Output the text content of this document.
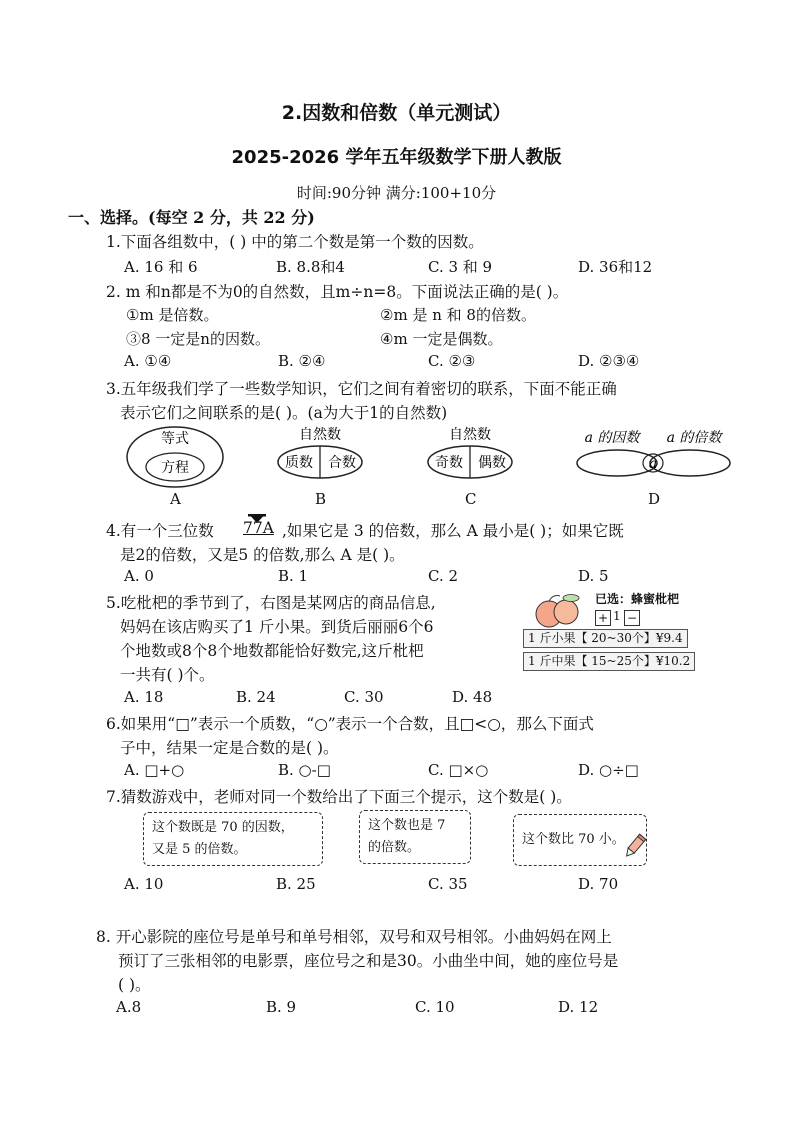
2.因数和倍数（单元测试）
2025-2026 学年五年级数学下册人教版
时间:90分钟 满分:100+10分
一、选择。(每空 2 分，共 22 分)
1.下面各组数中，( ) 中的第二个数是第一个数的因数。
A. 16 和 6	B. 8.8和4	C. 3 和 9	D. 36和12
2. m 和n都是不为0的自然数，且m÷n=8。下面说法正确的是( )。
①m 是倍数。	②m 是 n 和 8的倍数。
③8 一定是n的因数。	④m 一定是偶数。
A. ①④	B. ②④	C. ②③	D. ②③④
3.五年级我们学了一些数学知识，它们之间有着密切的联系，下面不能正确
表示它们之间联系的是( )。(a为大于1的自然数)
等式
方程
自然数
质数 合数
自然数
奇数 偶数
a 的因数 a 的倍数
a
A	B	C	D
4.有一个三位数 77A ,如果它是 3 的倍数，那么 A 最小是( )；如果它既
是2的倍数，又是5 的倍数,那么 A 是( )。
A. 0	B. 1	C. 2	D. 5
5.吃枇杷的季节到了，右图是某网店的商品信息,
妈妈在该店购买了1 斤小果。到货后丽丽6个6
个地数或8个8个地数都能恰好数完,这斤枇杷
一共有( )个。
已选：蜂蜜枇杷
+ 1 −
1 斤小果【 20~30个】¥9.4
1 斤中果【 15~25个】¥10.2
A. 18	B. 24	C. 30	D. 48
6.如果用“□”表示一个质数，“○”表示一个合数，且□<○，那么下面式
子中，结果一定是合数的是( )。
A. □+○	B. ○-□	C. □×○	D. ○÷□
7.猜数游戏中，老师对同一个数给出了下面三个提示，这个数是( )。
这个数既是 70 的因数，
又是 5 的倍数。
这个数也是 7
的倍数。
这个数比 70 小。
A. 10	B. 25	C. 35	D. 70
8. 开心影院的座位号是单号和单号相邻，双号和双号相邻。小曲妈妈在网上
预订了三张相邻的电影票，座位号之和是30。小曲坐中间，她的座位号是
( )。
A.8	B. 9	C. 10	D. 12
